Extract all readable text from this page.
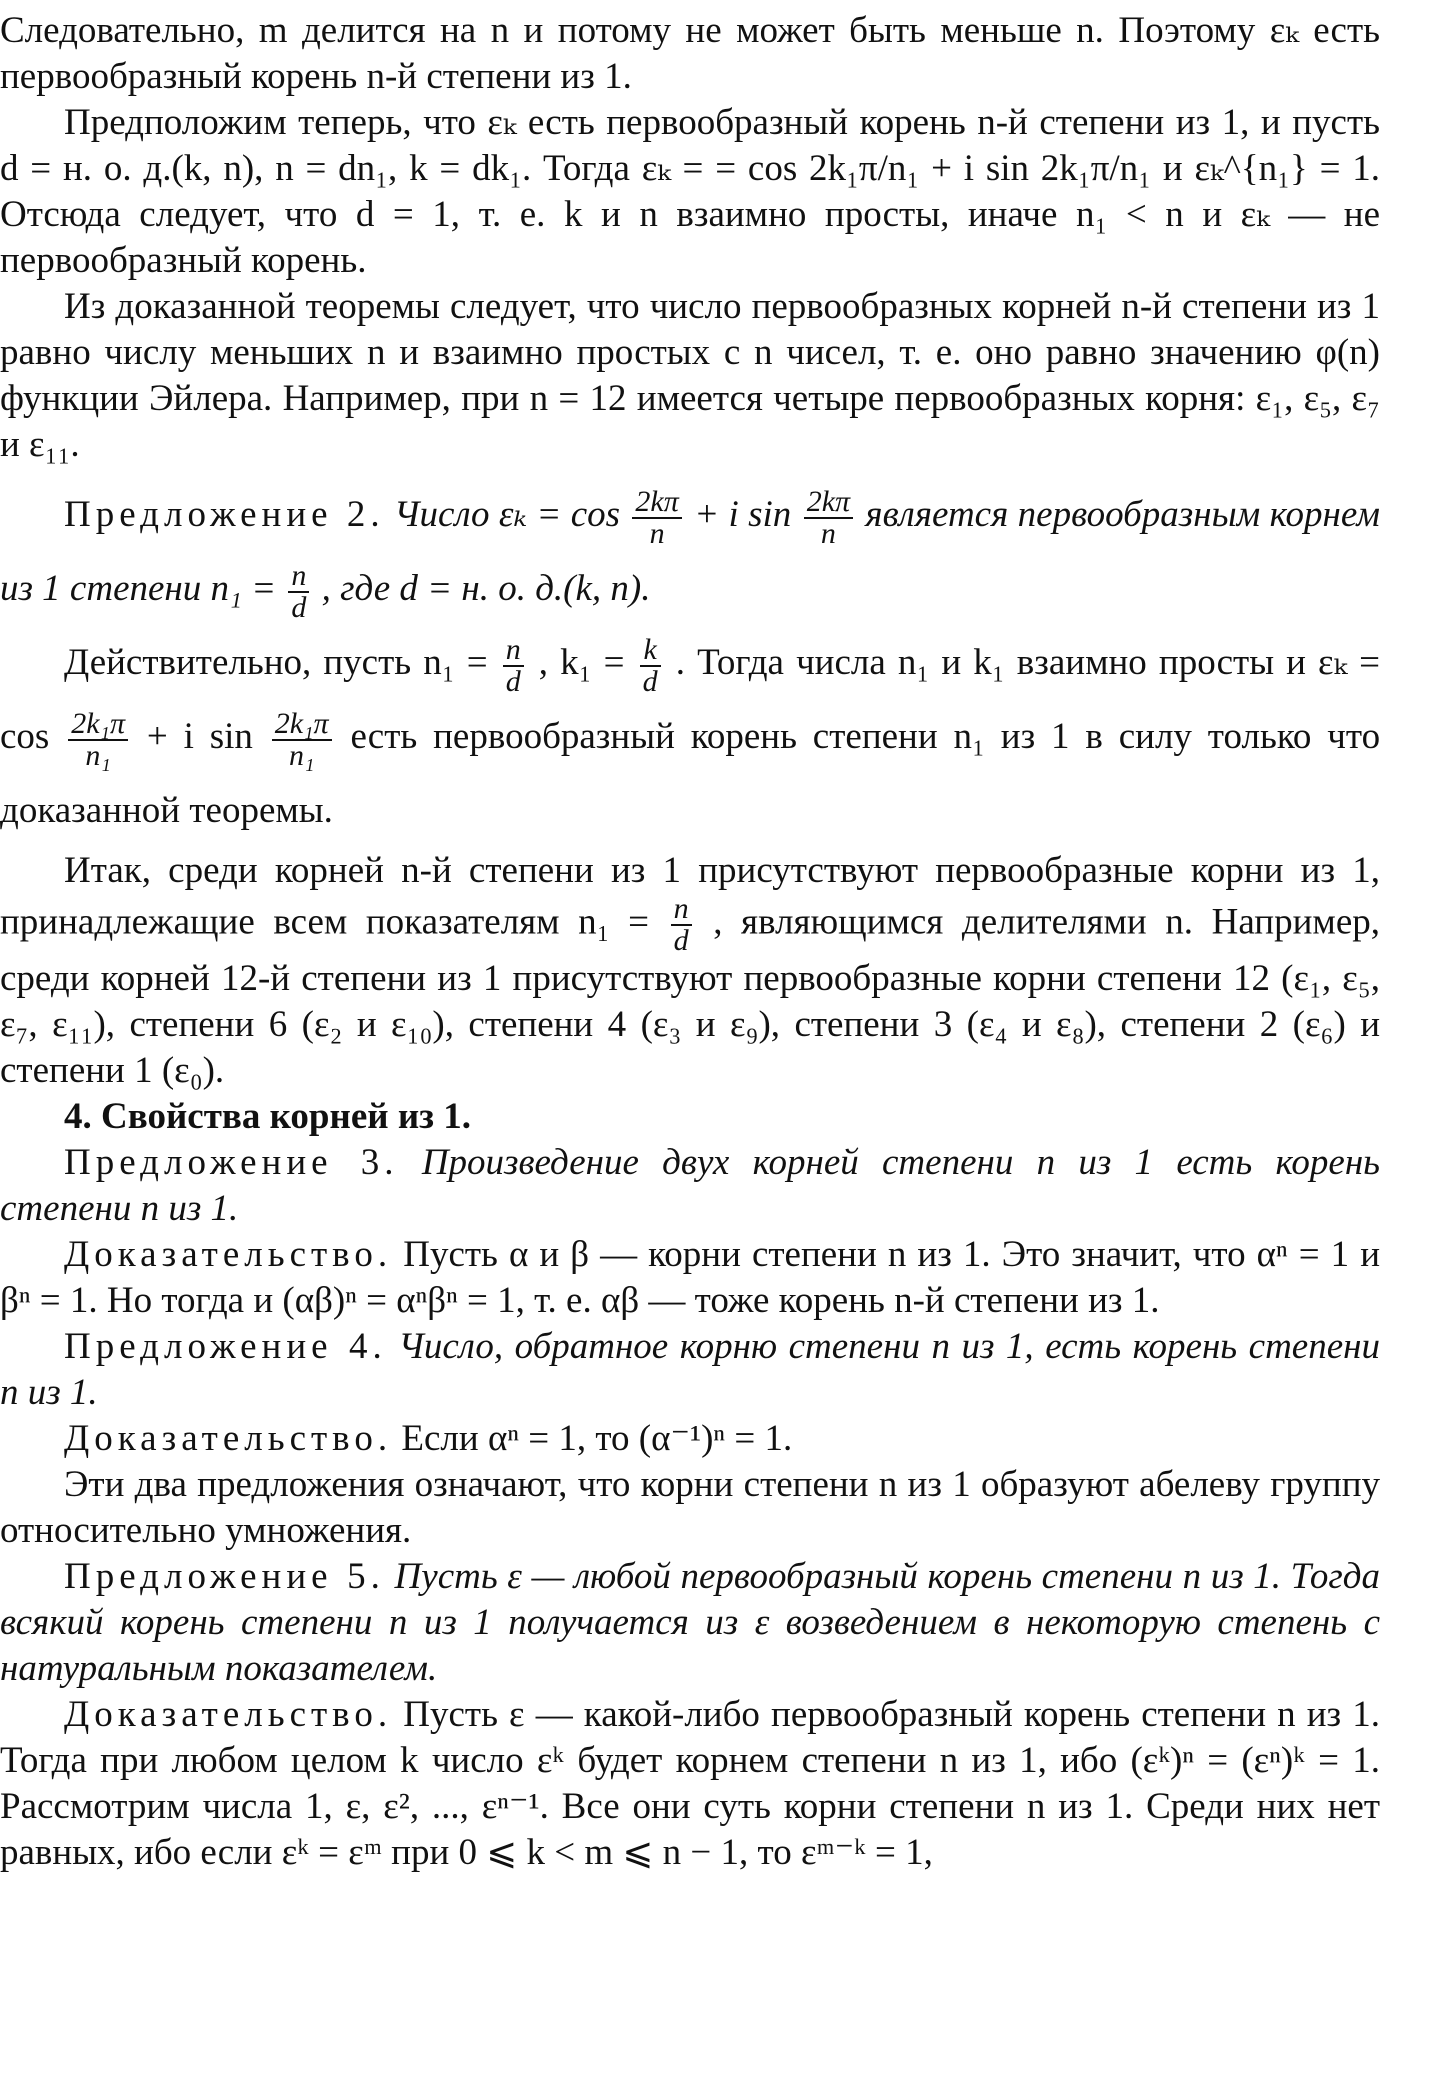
Следовательно, m делится на n и потому не может быть меньше n. Поэтому εₖ есть первообразный корень n-й степени из 1.

Предположим теперь, что εₖ есть первообразный корень n-й степени из 1, и пусть d = н. о. д.(k, n), n = dn₁, k = dk₁. Тогда εₖ = = cos 2k₁π/n₁ + i sin 2k₁π/n₁ и εₖ^{n₁} = 1. Отсюда следует, что d = 1, т. е. k и n взаимно просты, иначе n₁ < n и εₖ — не первообразный корень.

Из доказанной теоремы следует, что число первообразных корней n-й степени из 1 равно числу меньших n и взаимно простых с n чисел, т. е. оно равно значению φ(n) функции Эйлера. Например, при n = 12 имеется четыре первообразных корня: ε₁, ε₅, ε₇ и ε₁₁.

Предложение 2. Число $\varepsilon_k = \cos \frac{2k\pi}{n} + i$ $\sin \frac{2k\pi}{n}$ является первообразным корнем из 1 степени $n_1 = \frac{n}{d}$ , где d = н. о. д.(k, n).

Действительно, пусть $n_1 = \frac{n}{d}$ , $k_1 = \frac{k}{d}$ . Тогда числа n₁ и k₁ взаимно просты и $\varepsilon_k = \cos \frac{\text{2k₁π}}{\text{n₁}} + i$ $\sin \frac{\text{2k₁π}}{\text{n₁}}$ есть первообразный корень степени n₁ из 1 в силу только что доказанной теоремы.

Итак, среди корней n-й степени из 1 присутствуют первообразные корни из 1, принадлежащие всем показателям $n_1 = \frac{n}{d}$ , являющимся делителями n. Например, среди корней 12-й степени из 1 присутствуют первообразные корни степени 12 (ε₁, ε₅, ε₇, ε₁₁), степени 6 (ε₂ и ε₁₀), степени 4 (ε₃ и ε₉), степени 3 (ε₄ и ε₈), степени 2 (ε₆) и степени 1 (ε₀).

4. Свойства корней из 1.

Предложение 3. Произведение двух корней степени n из 1 есть корень степени n из 1.

Доказательство. Пусть α и β — корни степени n из 1. Это значит, что αⁿ = 1 и βⁿ = 1. Но тогда и (αβ)ⁿ = αⁿβⁿ = 1, т. е. αβ — тоже корень n-й степени из 1.

Предложение 4. Число, обратное корню степени n из 1, есть корень степени n из 1.

Доказательство. Если αⁿ = 1, то (α⁻¹)ⁿ = 1.

Эти два предложения означают, что корни степени n из 1 образуют абелеву группу относительно умножения.

Предложение 5. Пусть ε — любой первообразный корень степени n из 1. Тогда всякий корень степени n из 1 получается из ε возведением в некоторую степень с натуральным показателем.

Доказательство. Пусть ε — какой-либо первообразный корень степени n из 1. Тогда при любом целом k число εᵏ будет корнем степени n из 1, ибо (εᵏ)ⁿ = (εⁿ)ᵏ = 1. Рассмотрим числа 1, ε, ε², ..., εⁿ⁻¹. Все они суть корни степени n из 1. Среди них нет равных, ибо если εᵏ = εᵐ при 0 ⩽ k < m ⩽ n − 1, то εᵐ⁻ᵏ = 1,
